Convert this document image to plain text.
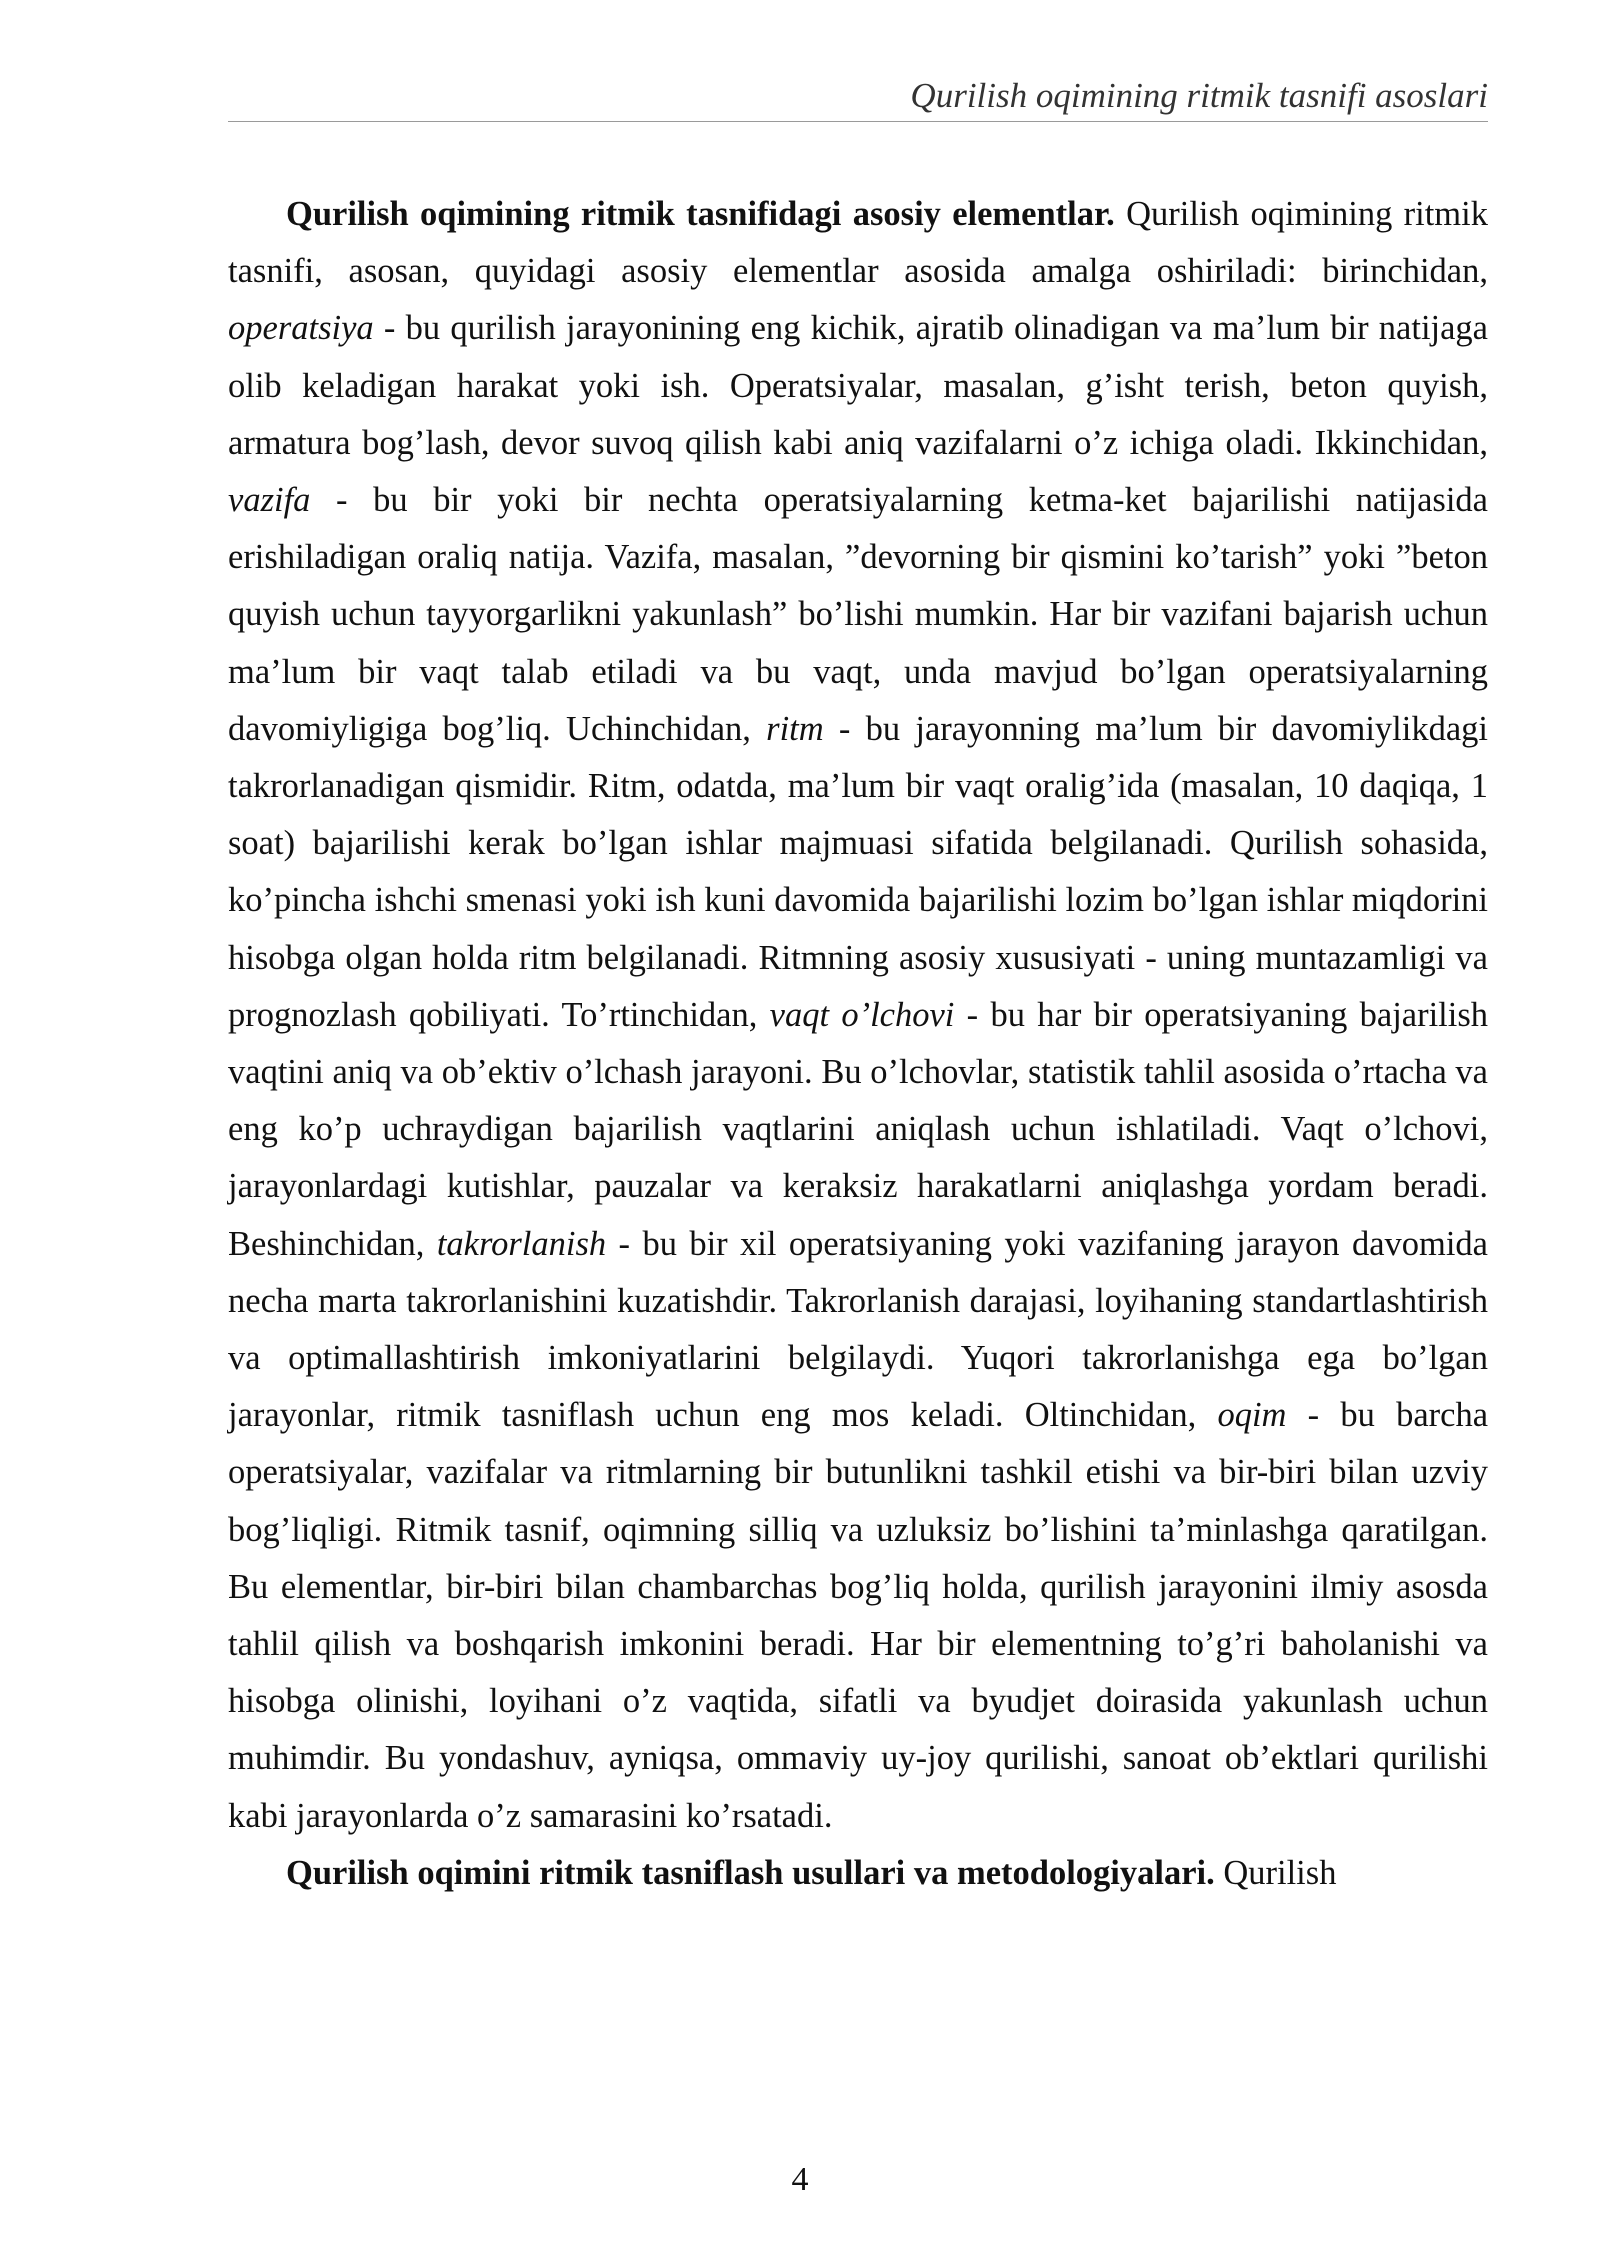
Qurilish oqimining ritmik tasnifi asoslari

Qurilish oqimining ritmik tasnifidagi asosiy elementlar. Qurilish oqimining ritmik tasnifi, asosan, quyidagi asosiy elementlar asosida amalga oshiriladi: birinchidan, operatsiya - bu qurilish jarayonining eng kichik, ajratib olinadigan va ma’lum bir natijaga olib keladigan harakat yoki ish. Operatsiyalar, masalan, g’isht terish, beton quyish, armatura bog’lash, devor suvoq qilish kabi aniq vazifalarni o’z ichiga oladi. Ikkinchidan, vazifa - bu bir yoki bir nechta operatsiyalarning ketma-ket bajarilishi natijasida erishiladigan oraliq natija. Vazifa, masalan, ”devorning bir qismini ko’tarish” yoki ”beton quyish uchun tayyorgarlikni yakunlash” bo’lishi mumkin. Har bir vazifani bajarish uchun ma’lum bir vaqt talab etiladi va bu vaqt, unda mavjud bo’lgan operatsiyalarning davomiyligiga bog’liq. Uchinchidan, ritm - bu jarayonning ma’lum bir davomiylikdagi takrorlanadigan qismidir. Ritm, odatda, ma’lum bir vaqt oralig’ida (masalan, 10 daqiqa, 1 soat) bajarilishi kerak bo’lgan ishlar majmuasi sifatida belgilanadi. Qurilish sohasida, ko’pincha ishchi smenasi yoki ish kuni davomida bajarilishi lozim bo’lgan ishlar miqdorini hisobga olgan holda ritm belgilanadi. Ritmning asosiy xususiyati - uning muntazamligi va prognozlash qobiliyati. To’rtinchidan, vaqt o’lchovi - bu har bir operatsiyaning bajarilish vaqtini aniq va ob’ektiv o’lchash jarayoni. Bu o’lchovlar, statistik tahlil asosida o’rtacha va eng ko’p uchraydigan bajarilish vaqtlarini aniqlash uchun ishlatiladi. Vaqt o’lchovi, jarayonlardagi kutishlar, pauzalar va keraksiz harakatlarni aniqlashga yordam beradi. Beshinchidan, takrorlanish - bu bir xil operatsiyaning yoki vazifaning jarayon davomida necha marta takrorlanishini kuzatishdir. Takrorlanish darajasi, loyihaning standartlashtirish va optimallashtirish imkoniyatlarini belgilaydi. Yuqori takrorlanishga ega bo’lgan jarayonlar, ritmik tasniflash uchun eng mos keladi. Oltinchidan, oqim - bu barcha operatsiyalar, vazifalar va ritmlarning bir butunlikni tashkil etishi va bir-biri bilan uzviy bog’liqligi. Ritmik tasnif, oqimning silliq va uzluksiz bo’lishini ta’minlashga qaratilgan. Bu elementlar, bir-biri bilan chambarchas bog’liq holda, qurilish jarayonini ilmiy asosda tahlil qilish va boshqarish imkonini beradi. Har bir elementning to’g’ri baholanishi va hisobga olinishi, loyihani o’z vaqtida, sifatli va byudjet doirasida yakunlash uchun muhimdir. Bu yondashuv, ayniqsa, ommaviy uy-joy qurilishi, sanoat ob’ektlari qurilishi kabi jarayonlarda o’z samarasini ko’rsatadi.

Qurilish oqimini ritmik tasniflash usullari va metodologiyalari. Qurilish

4
